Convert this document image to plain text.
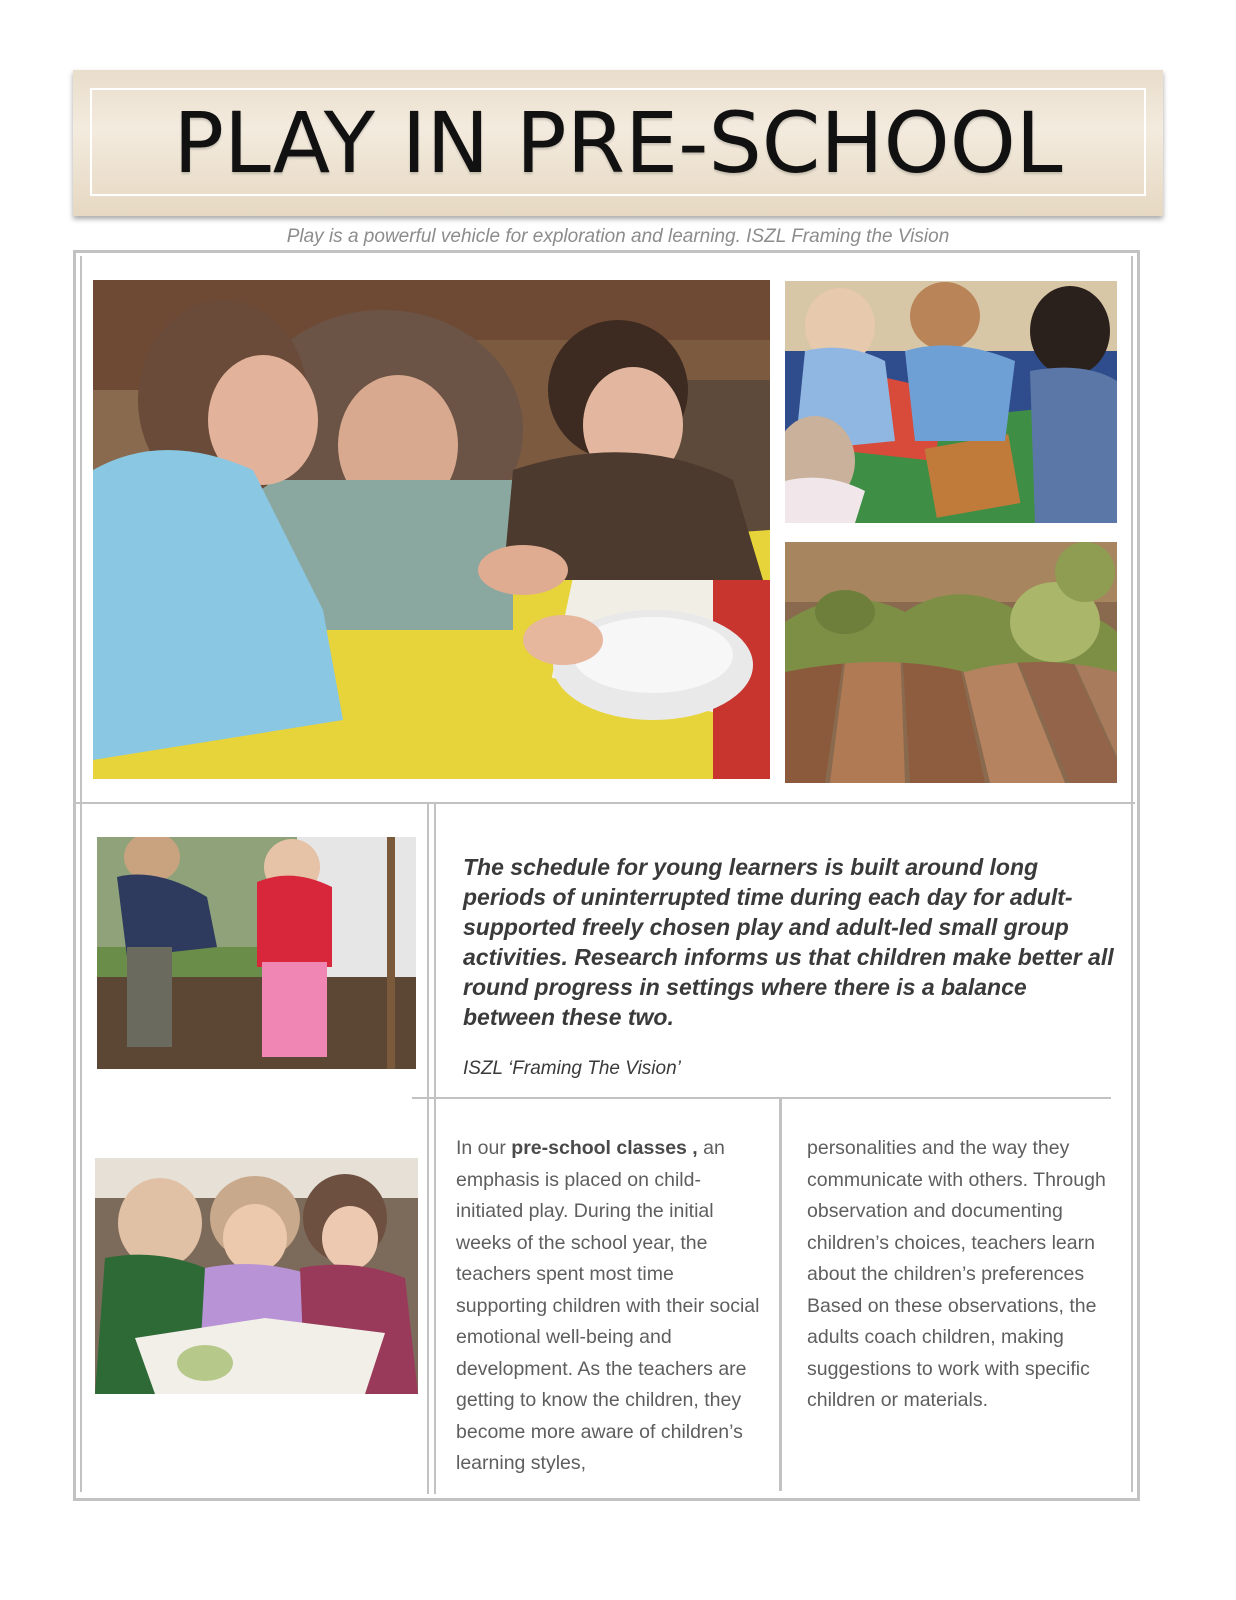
PLAY IN PRE-SCHOOL
Play is a powerful vehicle for exploration and learning. ISZL Framing the Vision
The schedule for young learners is built around long periods of uninterrupted time during each day for adult-supported freely chosen play and adult-led small group activities. Research informs us that children make better all round progress in settings where there is a balance between these two.
ISZL ‘Framing The Vision’
In our pre-school classes , an emphasis is placed on child-initiated play. During the initial weeks of the school year, the teachers spent most time supporting children with their social emotional well-being and development. As the teachers are getting to know the children, they become more aware of children’s learning styles,
personalities and the way they communicate with others. Through observation and documenting children’s choices, teachers learn about the children’s preferences Based on these observations, the adults coach children, making suggestions to work with specific children or materials.
